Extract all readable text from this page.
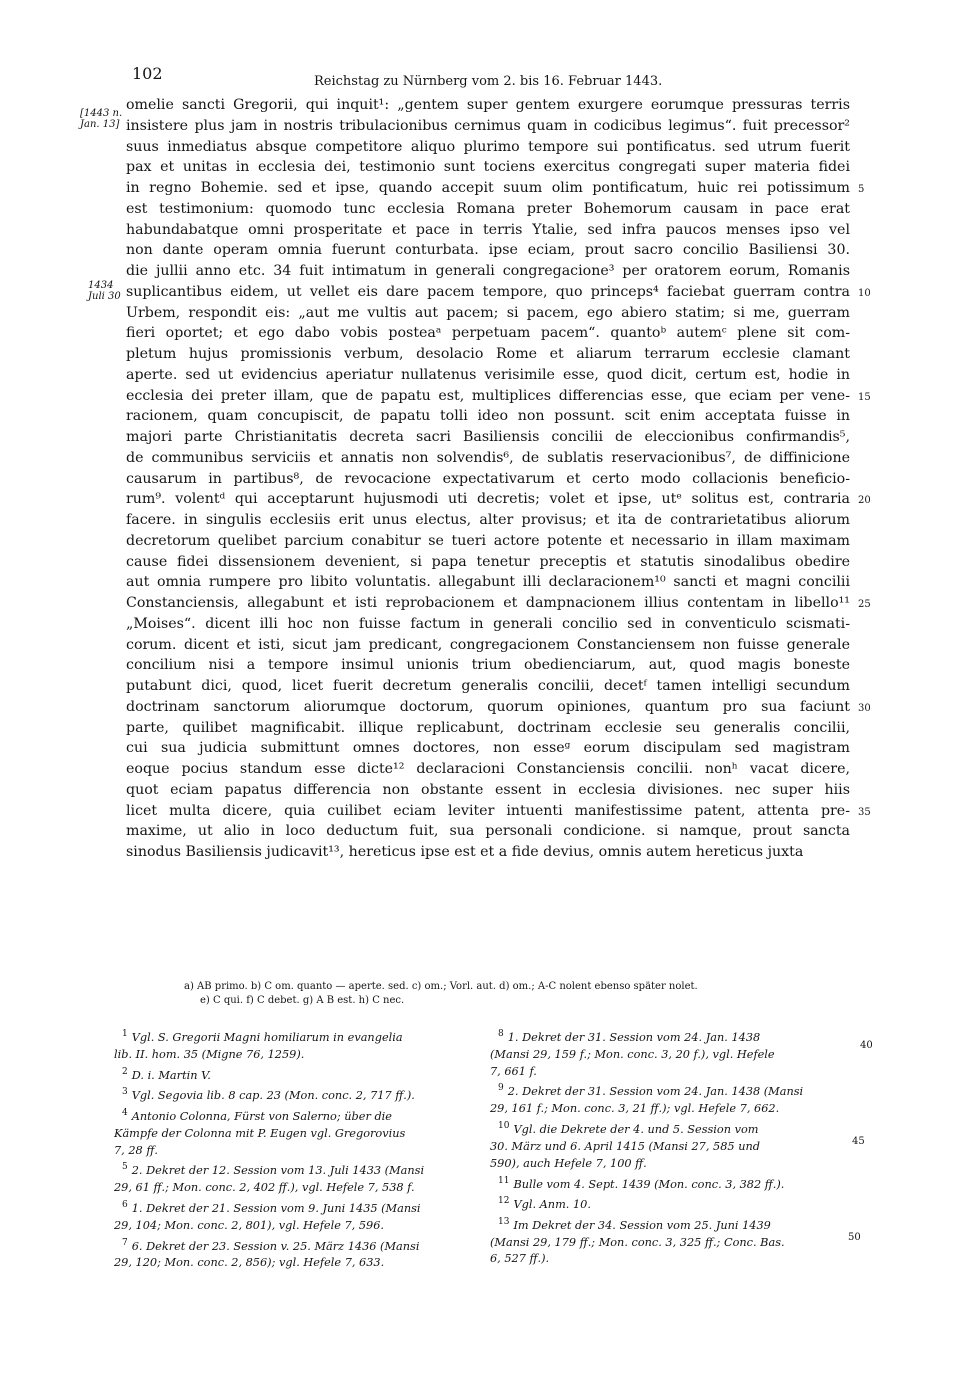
102	Reichstag zu Nürnberg vom 2. bis 16. Februar 1443.
[1443 n. Jan. 13]
1434 Juli 30
omelie sancti Gregorii, qui inquit¹: „gentem super gentem exurgere eorumque pressuras terris
insistere plus jam in nostris tribulacionibus cernimus quam in codicibus legimus“. fuit precessor²
suus inmediatus absque competitore aliquo plurimo tempore sui pontificatus. sed utrum fuerit
pax et unitas in ecclesia dei, testimonio sunt tociens exercitus congregati super materia fidei
in regno Bohemie. sed et ipse, quando accepit suum olim pontificatum, huic rei potissimum
est testimonium: quomodo tunc ecclesia Romana preter Bohemorum causam in pace erat
habundabatque omni prosperitate et pace in terris Ytalie, sed infra paucos menses ipso vel
non dante operam omnia fuerunt conturbata. ipse eciam, prout sacro concilio Basiliensi 30.
die jullii anno etc. 34 fuit intimatum in generali congregacione³ per oratorem eorum, Romanis
suplicantibus eidem, ut vellet eis dare pacem tempore, quo princeps⁴ faciebat guerram contra
Urbem, respondit eis: „aut me vultis aut pacem; si pacem, ego abiero statim; si me, guerram
fieri oportet; et ego dabo vobis posteaᵃ perpetuam pacem“. quantoᵇ autemᶜ plene sit com-
pletum hujus promissionis verbum, desolacio Rome et aliarum terrarum ecclesie clamant
aperte. sed ut evidencius aperiatur nullatenus verisimile esse, quod dicit, certum est, hodie in
ecclesia dei preter illam, que de papatu est, multiplices differencias esse, que eciam per vene-
racionem, quam concupiscit, de papatu tolli ideo non possunt. scit enim acceptata fuisse in
majori parte Christianitatis decreta sacri Basiliensis concilii de eleccionibus confirmandis⁵,
de communibus serviciis et annatis non solvendis⁶, de sublatis reservacionibus⁷, de diffinicione
causarum in partibus⁸, de revocacione expectativarum et certo modo collacionis beneficio-
rum⁹. volentᵈ qui acceptarunt hujusmodi uti decretis; volet et ipse, utᵉ solitus est, contraria
facere. in singulis ecclesiis erit unus electus, alter provisus; et ita de contrarietatibus aliorum
decretorum quelibet parcium conabitur se tueri actore potente et necessario in illam maximam
cause fidei dissensionem devenient, si papa tenetur preceptis et statutis sinodalibus obedire
aut omnia rumpere pro libito voluntatis. allegabunt illi declaracionem¹⁰ sancti et magni concilii
Constanciensis, allegabunt et isti reprobacionem et dampnacionem illius contentam in libello¹¹
„Moises“. dicent illi hoc non fuisse factum in generali concilio sed in conventiculo scismati-
corum. dicent et isti, sicut jam predicant, congregacionem Constanciensem non fuisse generale
concilium nisi a tempore insimul unionis trium obedienciarum, aut, quod magis boneste
putabunt dici, quod, licet fuerit decretum generalis concilii, decetᶠ tamen intelligi secundum
doctrinam sanctorum aliorumque doctorum, quorum opiniones, quantum pro sua faciunt
parte, quilibet magnificabit. illique replicabunt, doctrinam ecclesie seu generalis concilii,
cui sua judicia submittunt omnes doctores, non esseᵍ eorum discipulam sed magistram
eoque pocius standum esse dicte¹² declaracioni Constanciensis concilii. nonʰ vacat dicere,
quot eciam papatus differencia non obstante essent in ecclesia divisiones. nec super hiis
licet multa dicere, quia cuilibet eciam leviter intuenti manifestissime patent, attenta pre-
maxime, ut alio in loco deductum fuit, sua personali condicione. si namque, prout sancta
sinodus Basiliensis judicavit¹³, hereticus ipse est et a fide devius, omnis autem hereticus juxta
5
10
15
20
25
30
35
a) AB primo. b) C om. quanto — aperte. sed. c) om.; Vorl. aut. d) om.; A-C nolent ebenso später nolet.
e) C qui. f) C debet. g) A B est. h) C nec.
$^1$ Vgl. S. Gregorii Magni homiliarum in evangelia
lib. II. hom. 35 (Migne 76, 1259).
$^2$ D. i. Martin V.
$^3$ Vgl. Segovia lib. 8 cap. 23 (Mon. conc. 2, 717 ff.).
$^4$ Antonio Colonna, Fürst von Salerno; über die
Kämpfe der Colonna mit P. Eugen vgl. Gregorovius
7, 28 ff.
$^5$ 2. Dekret der 12. Session vom 13. Juli 1433 (Mansi
29, 61 ff.; Mon. conc. 2, 402 ff.), vgl. Hefele 7, 538 f.
$^6$ 1. Dekret der 21. Session vom 9. Juni 1435 (Mansi
29, 104; Mon. conc. 2, 801), vgl. Hefele 7, 596.
$^7$ 6. Dekret der 23. Session v. 25. März 1436 (Mansi
29, 120; Mon. conc. 2, 856); vgl. Hefele 7, 633.
$^8$ 1. Dekret der 31. Session vom 24. Jan. 1438
(Mansi 29, 159 f.; Mon. conc. 3, 20 f.), vgl. Hefele
7, 661 f.
$^9$ 2. Dekret der 31. Session vom 24. Jan. 1438 (Mansi
29, 161 f.; Mon. conc. 3, 21 ff.); vgl. Hefele 7, 662.
$^{10}$ Vgl. die Dekrete der 4. und 5. Session vom
30. März und 6. April 1415 (Mansi 27, 585 und
590), auch Hefele 7, 100 ff.
$^{11}$ Bulle vom 4. Sept. 1439 (Mon. conc. 3, 382 ff.).
$^{12}$ Vgl. Anm. 10.
$^{13}$ Im Dekret der 34. Session vom 25. Juni 1439
(Mansi 29, 179 ff.; Mon. conc. 3, 325 ff.; Conc. Bas.
6, 527 ff.).
40
45
50
